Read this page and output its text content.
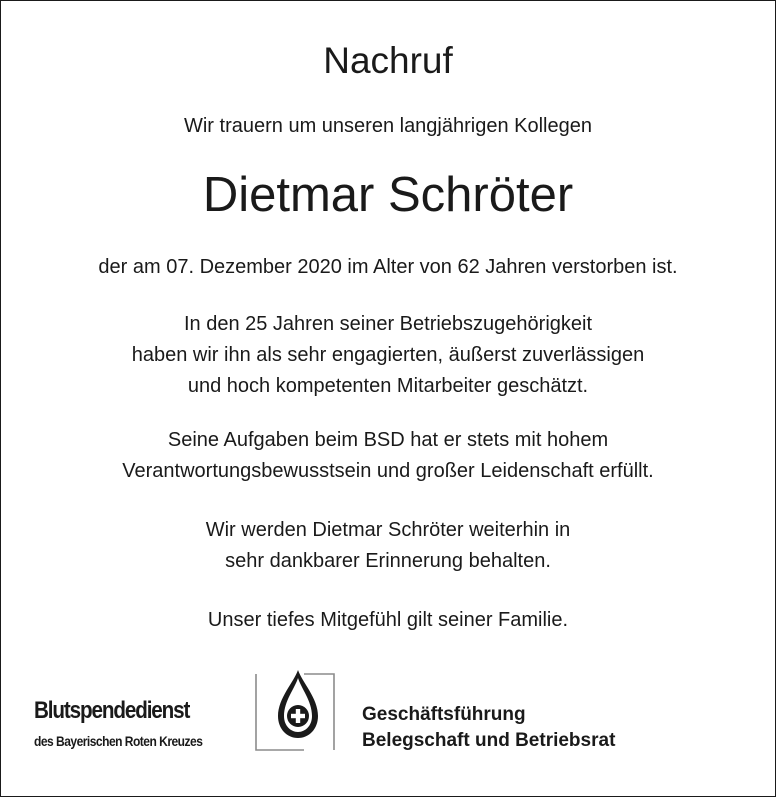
Nachruf
Wir trauern um unseren langjährigen Kollegen
Dietmar Schröter
der am 07. Dezember 2020 im Alter von 62 Jahren verstorben ist.
In den 25 Jahren seiner Betriebszugehörigkeit
haben wir ihn als sehr engagierten, äußerst zuverlässigen
und hoch kompetenten Mitarbeiter geschätzt.
Seine Aufgaben beim BSD hat er stets mit hohem
Verantwortungsbewusstsein und großer Leidenschaft erfüllt.
Wir werden Dietmar Schröter weiterhin in
sehr dankbarer Erinnerung behalten.
Unser tiefes Mitgefühl gilt seiner Familie.
Blutspendedienst
des Bayerischen Roten Kreuzes
Geschäftsführung
Belegschaft und Betriebsrat
